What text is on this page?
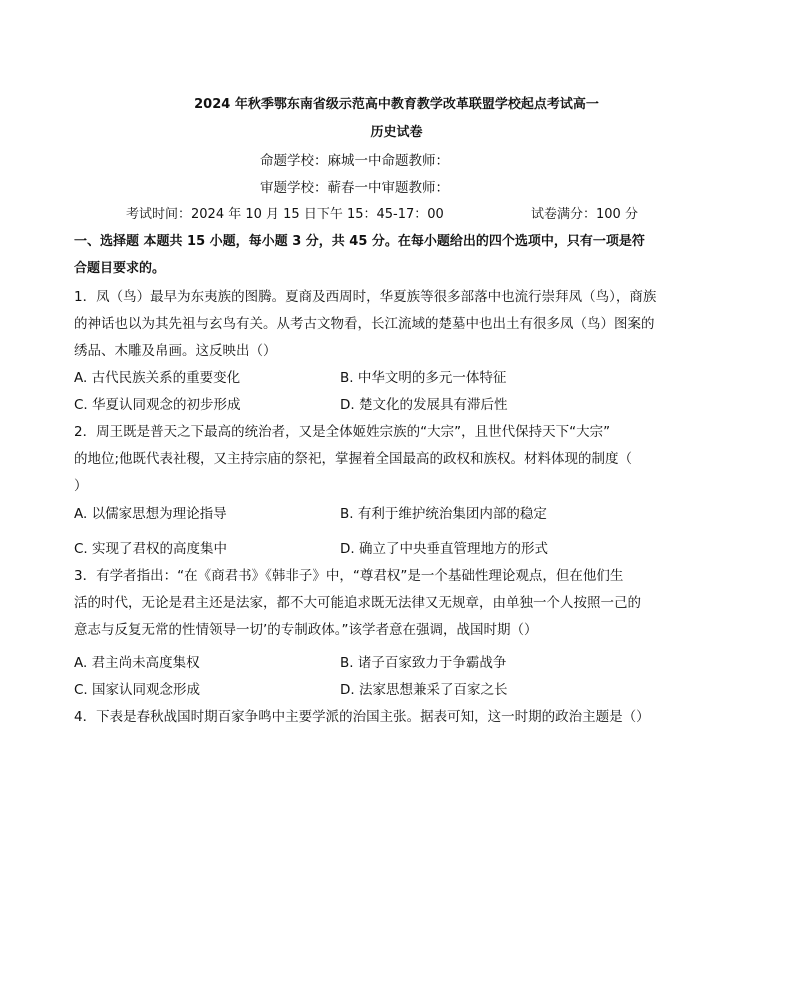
2024 年秋季鄂东南省级示范高中教育教学改革联盟学校起点考试高一
历史试卷
命题学校：麻城一中命题教师：
审题学校：蕲春一中审题教师：
考试时间：2024 年 10 月 15 日下午 15：45-17：00	试卷满分：100 分
一、选择题 本题共 15 小题，每小题 3 分，共 45 分。在每小题给出的四个选项中，只有一项是符
合题目要求的。
1．凤（鸟）最早为东夷族的图腾。夏商及西周时，华夏族等很多部落中也流行崇拜凤（鸟），商族
的神话也以为其先祖与玄鸟有关。从考古文物看，长江流域的楚墓中也出土有很多凤（鸟）图案的
绣品、木雕及帛画。这反映出（）
A. 古代民族关系的重要变化	B. 中华文明的多元一体特征
C. 华夏认同观念的初步形成	D. 楚文化的发展具有滞后性
2．周王既是普天之下最高的统治者，又是全体姬姓宗族的“大宗”，且世代保持天下“大宗”
的地位;他既代表社稷，又主持宗庙的祭祀，掌握着全国最高的政权和族权。材料体现的制度（
）
A. 以儒家思想为理论指导	B. 有利于维护统治集团内部的稳定
C. 实现了君权的高度集中	D. 确立了中央垂直管理地方的形式
3．有学者指出：“在《商君书》《韩非子》中，“尊君权”是一个基础性理论观点，但在他们生
活的时代，无论是君主还是法家，都不大可能追求既无法律又无规章，由单独一个人按照一己的
意志与反复无常的性情领导一切’的专制政体。”该学者意在强调，战国时期（）
A. 君主尚未高度集权	B. 诸子百家致力于争霸战争
C. 国家认同观念形成	D. 法家思想兼采了百家之长
4．下表是春秋战国时期百家争鸣中主要学派的治国主张。据表可知，这一时期的政治主题是（）
